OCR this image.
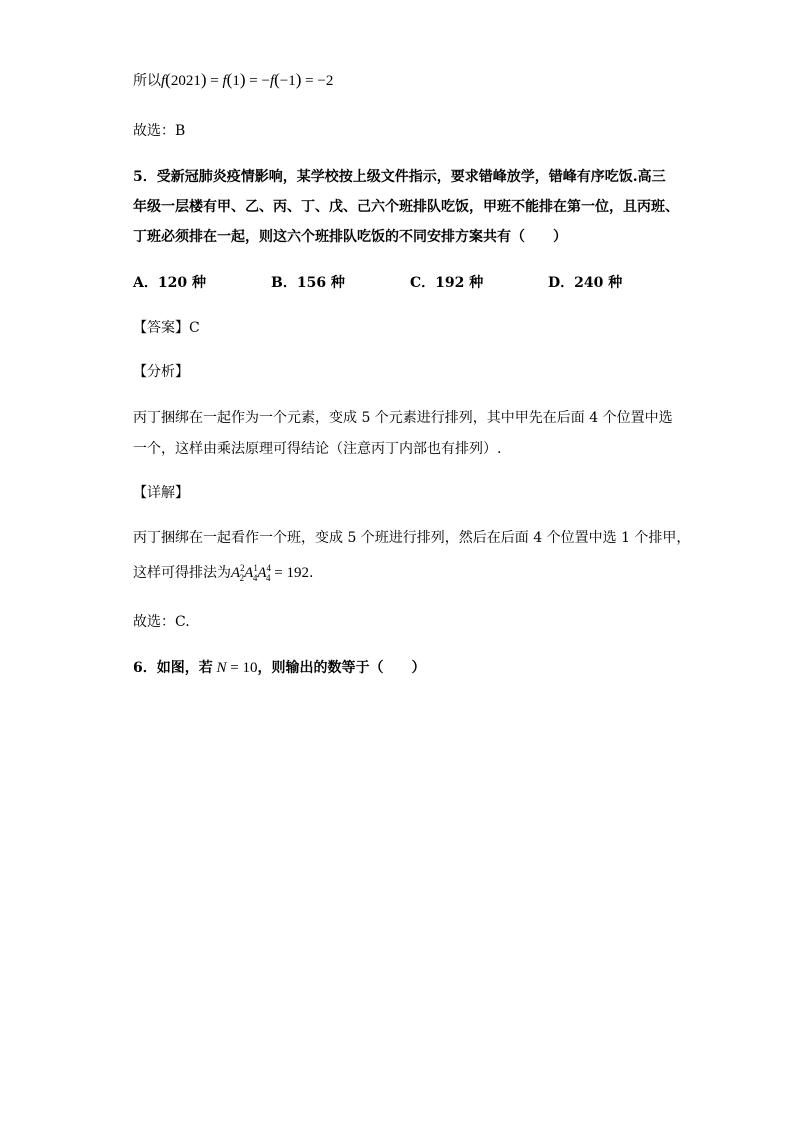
所以f(2021) = f(1) = −f(−1) = −2
故选：B
5．受新冠肺炎疫情影响，某学校按上级文件指示，要求错峰放学，错峰有序吃饭.高三
年级一层楼有甲、乙、丙、丁、戊、己六个班排队吃饭，甲班不能排在第一位，且丙班、
丁班必须排在一起，则这六个班排队吃饭的不同安排方案共有（　　）
A．120 种	B．156 种	C．192 种	D．240 种
【答案】C
【分析】
丙丁捆绑在一起作为一个元素，变成 5 个元素进行排列，其中甲先在后面 4 个位置中选
一个，这样由乘法原理可得结论（注意丙丁内部也有排列）.
【详解】
丙丁捆绑在一起看作一个班，变成 5 个班进行排列，然后在后面 4 个位置中选 1 个排甲，
这样可得排法为$A^2_2A^1_4A^4_4 = 192$.
故选：C.
6．如图，若 N = 10，则输出的数等于（　　）
